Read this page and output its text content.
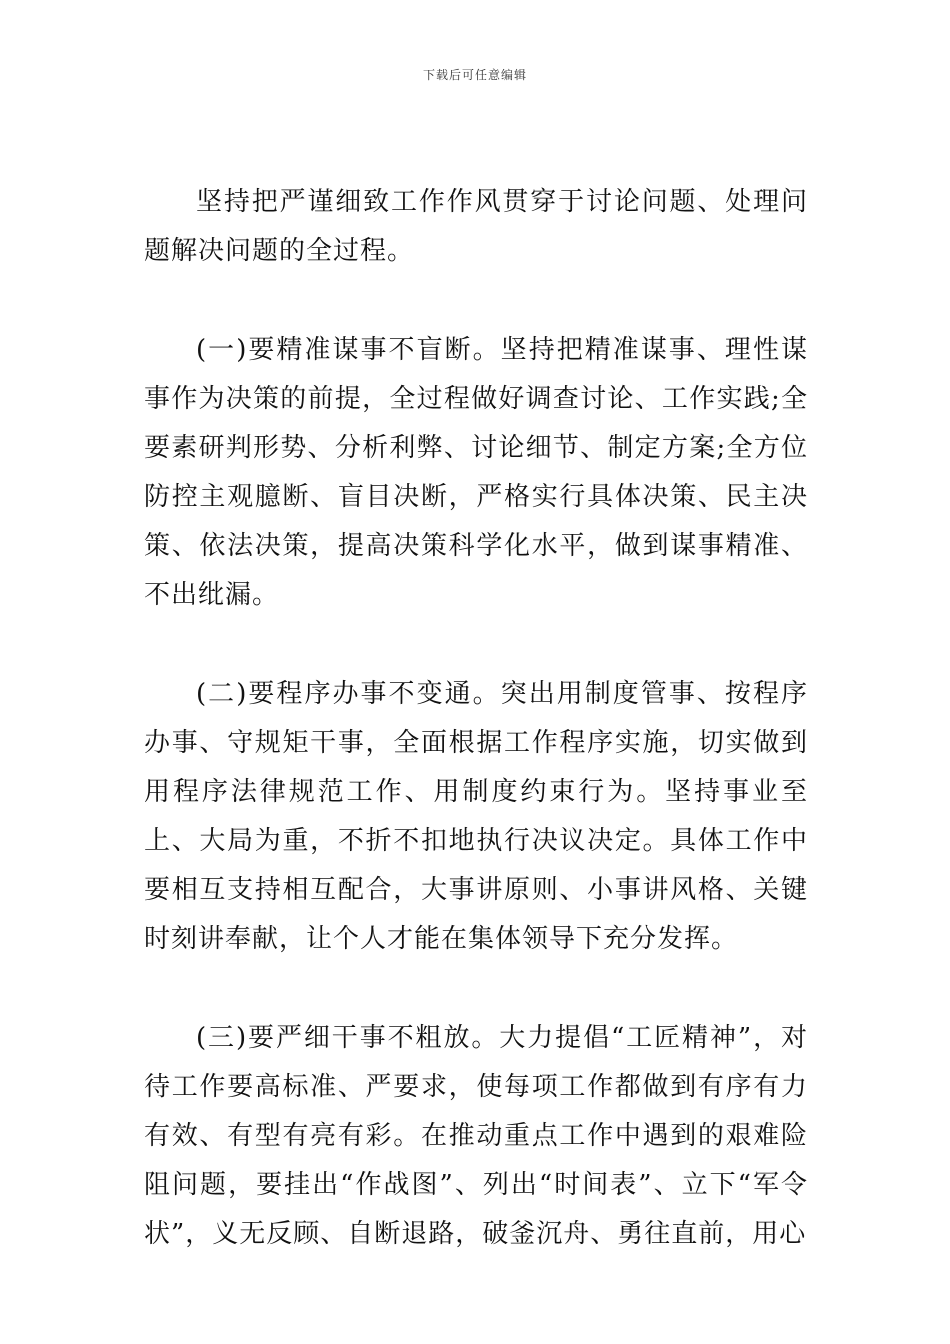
下载后可任意编辑

坚持把严谨细致工作作风贯穿于讨论问题、处理问题解决问题的全过程。

(一)要精准谋事不盲断。坚持把精准谋事、理性谋事作为决策的前提，全过程做好调查讨论、工作实践;全要素研判形势、分析利弊、讨论细节、制定方案;全方位防控主观臆断、盲目决断，严格实行具体决策、民主决策、依法决策，提高决策科学化水平，做到谋事精准、不出纰漏。

(二)要程序办事不变通。突出用制度管事、按程序办事、守规矩干事，全面根据工作程序实施，切实做到用程序法律规范工作、用制度约束行为。坚持事业至上、大局为重，不折不扣地执行决议决定。具体工作中要相互支持相互配合，大事讲原则、小事讲风格、关键时刻讲奉献，让个人才能在集体领导下充分发挥。

(三)要严细干事不粗放。大力提倡“工匠精神”，对待工作要高标准、严要求，使每项工作都做到有序有力有效、有型有亮有彩。在推动重点工作中遇到的艰难险阻问题，要挂出“作战图”、列出“时间表”、立下“军令状”，义无反顾、自断退路，破釜沉舟、勇往直前，用心
